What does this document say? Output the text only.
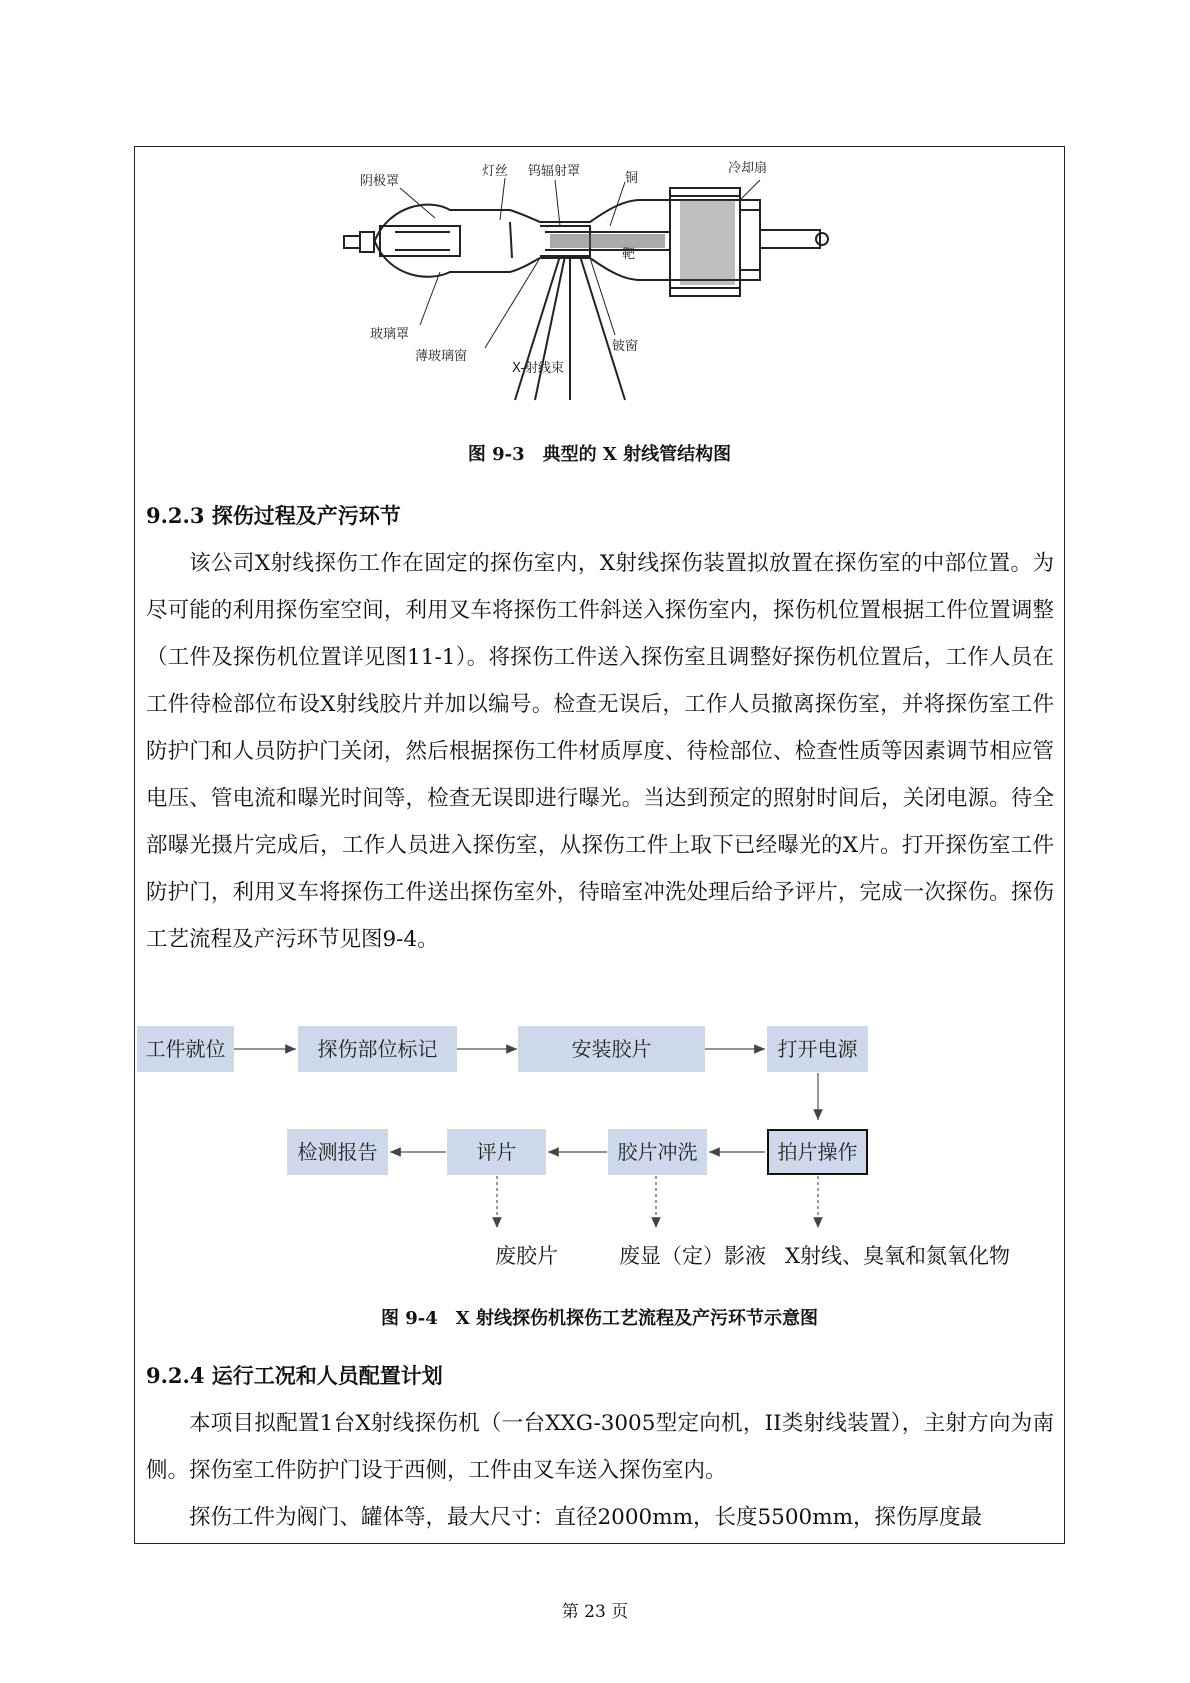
阴极罩
灯丝 钨辐射罩	铜
冷却扇
靶
玻璃罩
薄玻璃窗
X-射线束
铍窗
图 9-3　典型的 X 射线管结构图
9.2.3 探伤过程及产污环节

该公司X射线探伤工作在固定的探伤室内，X射线探伤装置拟放置在探伤室的中部位置。为尽可能的利用探伤室空间，利用叉车将探伤工件斜送入探伤室内，探伤机位置根据工件位置调整（工件及探伤机位置详见图11-1）。将探伤工件送入探伤室且调整好探伤机位置后，工作人员在工件待检部位布设X射线胶片并加以编号。检查无误后，工作人员撤离探伤室，并将探伤室工件防护门和人员防护门关闭，然后根据探伤工件材质厚度、待检部位、检查性质等因素调节相应管电压、管电流和曝光时间等，检查无误即进行曝光。当达到预定的照射时间后，关闭电源。待全部曝光摄片完成后，工作人员进入探伤室，从探伤工件上取下已经曝光的X片。打开探伤室工件防护门，利用叉车将探伤工件送出探伤室外，待暗室冲洗处理后给予评片，完成一次探伤。探伤工艺流程及产污环节见图9-4。

工件就位	探伤部位标记	安装胶片	打开电源
检测报告	评片	胶片冲洗	拍片操作
废胶片	废显（定）影液 X射线、臭氧和氮氧化物
图 9-4　X 射线探伤机探伤工艺流程及产污环节示意图
9.2.4 运行工况和人员配置计划

本项目拟配置1台X射线探伤机（一台XXG-3005型定向机，II类射线装置），主射方向为南侧。探伤室工件防护门设于西侧，工件由叉车送入探伤室内。

探伤工件为阀门、罐体等，最大尺寸：直径2000mm，长度5500mm，探伤厚度最

第 23 页
